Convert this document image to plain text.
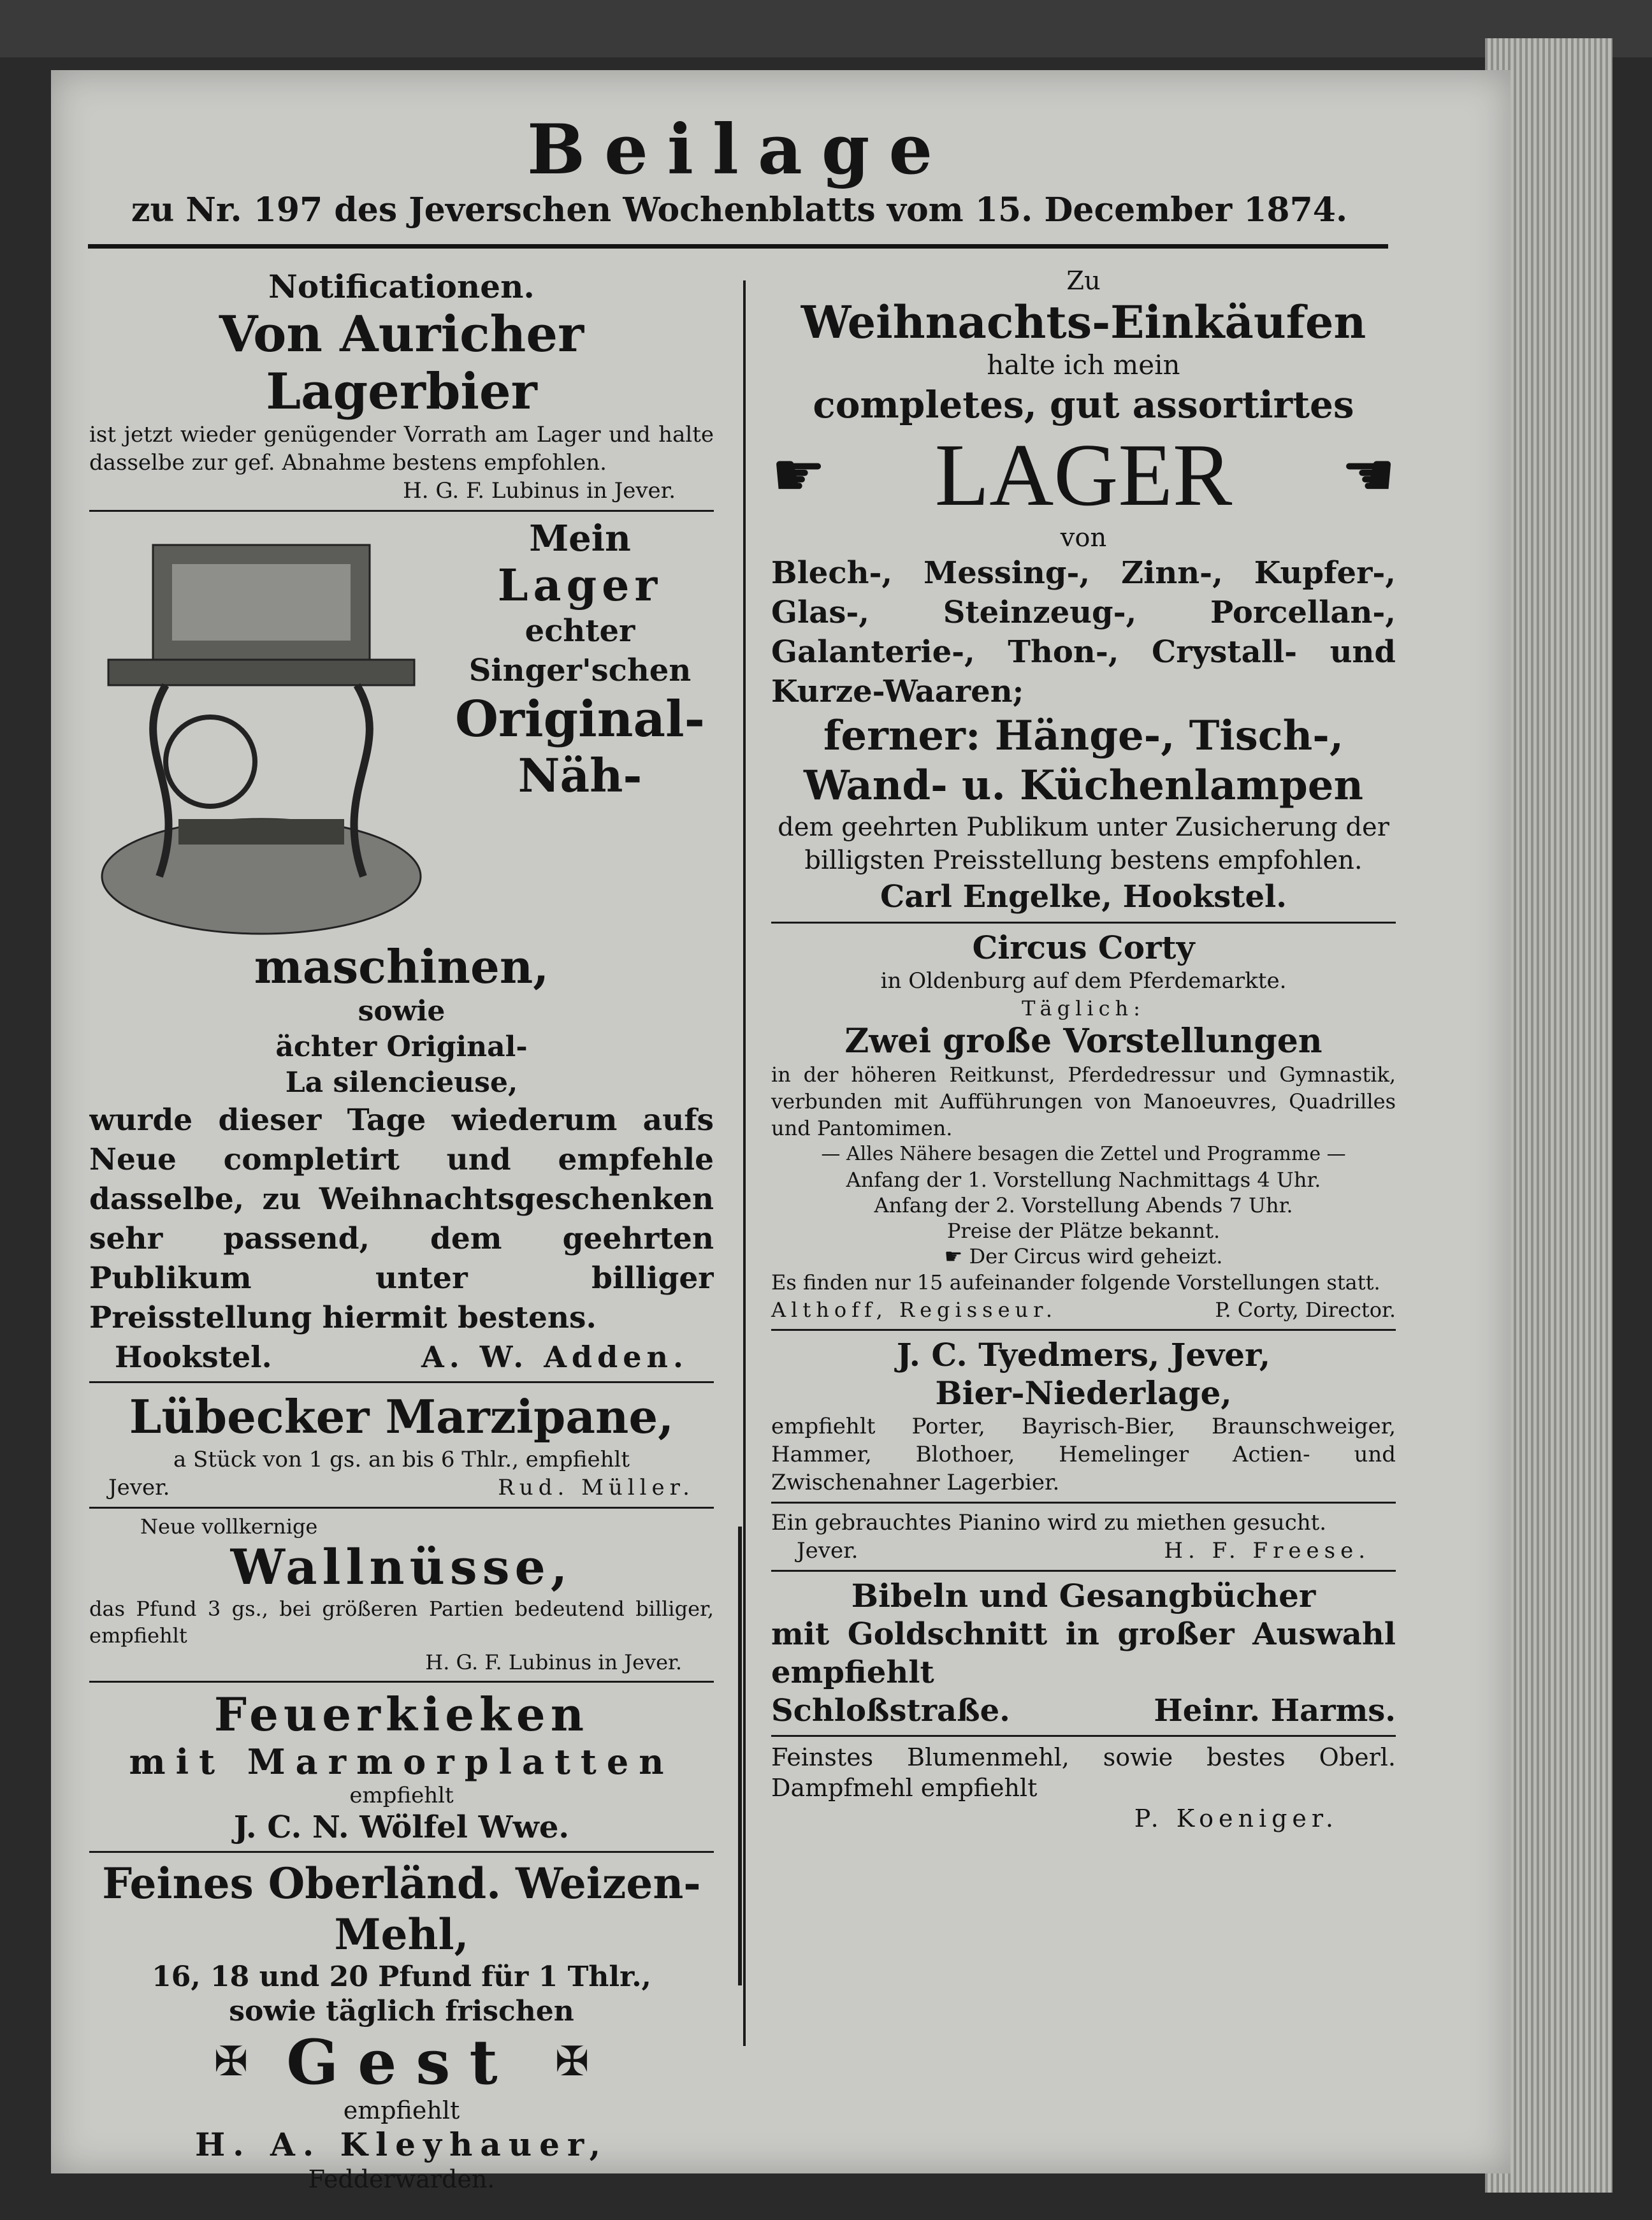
Beilage
zu Nr. 197 des Jeverschen Wochenblatts vom 15. December 1874.
Notificationen.
Von Auricher Lagerbier

ist jetzt wieder genügender Vorrath am Lager und halte dasselbe zur gef. Abnahme bestens empfohlen.

H. G. F. Lubinus in Jever.
Mein
Lager
echter
Singer'schen
Original-
Näh-
maschinen,
sowie
ächter Original-
La silencieuse,

wurde dieser Tage wiederum aufs Neue completirt und empfehle dasselbe, zu Weihnachtsgeschenken sehr passend, dem geehrten Publikum unter billiger Preisstellung hiermit bestens.

Hookstel.	A. W. Adden.
Lübecker Marzipane,

a Stück von 1 gs. an bis 6 Thlr., empfiehlt

Jever.	Rud. Müller.
Neue vollkernige
Wallnüsse,

das Pfund 3 gs., bei größeren Partien bedeutend billiger, empfiehlt

H. G. F. Lubinus in Jever.
Feuerkieken
mit Marmorplatten
empfiehlt
J. C. N. Wölfel Wwe.
Feines Oberländ. Weizen-Mehl,
16, 18 und 20 Pfund für 1 Thlr.,
sowie täglich frischen
✠ Gest ✠
empfiehlt
H. A. Kleyhauer,
Fedderwarden.
Zu
Weihnachts-Einkäufen
halte ich mein
completes, gut assortirtes
☛ LAGER ☚
von

Blech-, Messing-, Zinn-, Kupfer-, Glas-, Steinzeug-, Porcellan-, Galanterie-, Thon-, Crystall- und Kurze-Waaren;

ferner: Hänge-, Tisch-, Wand- u. Küchenlampen

dem geehrten Publikum unter Zusicherung der billigsten Preisstellung bestens empfohlen.

Carl Engelke, Hookstel.
Circus Corty
in Oldenburg auf dem Pferdemarkte.
Täglich:
Zwei große Vorstellungen

in der höheren Reitkunst, Pferdedressur und Gymnastik, verbunden mit Aufführungen von Manoeuvres, Quadrilles und Pantomimen.

— Alles Nähere besagen die Zettel und Programme —
Anfang der 1. Vorstellung Nachmittags 4 Uhr.
Anfang der 2. Vorstellung Abends 7 Uhr.
Preise der Plätze bekannt.
☛ Der Circus wird geheizt.

Es finden nur 15 aufeinander folgende Vorstellungen statt.

Althoff, Regisseur.	P. Corty, Director.
J. C. Tyedmers, Jever,
Bier-Niederlage,

empfiehlt Porter, Bayrisch-Bier, Braunschweiger, Hammer, Blothoer, Hemelinger Actien- und Zwischenahner Lagerbier.

Ein gebrauchtes Pianino wird zu miethen gesucht.

Jever.	H. F. Freese.
Bibeln und Gesangbücher

mit Goldschnitt in großer Auswahl empfiehlt

Schloßstraße.	Heinr. Harms.

Feinstes Blumenmehl, sowie bestes Oberl. Dampfmehl empfiehlt

P. Koeniger.
